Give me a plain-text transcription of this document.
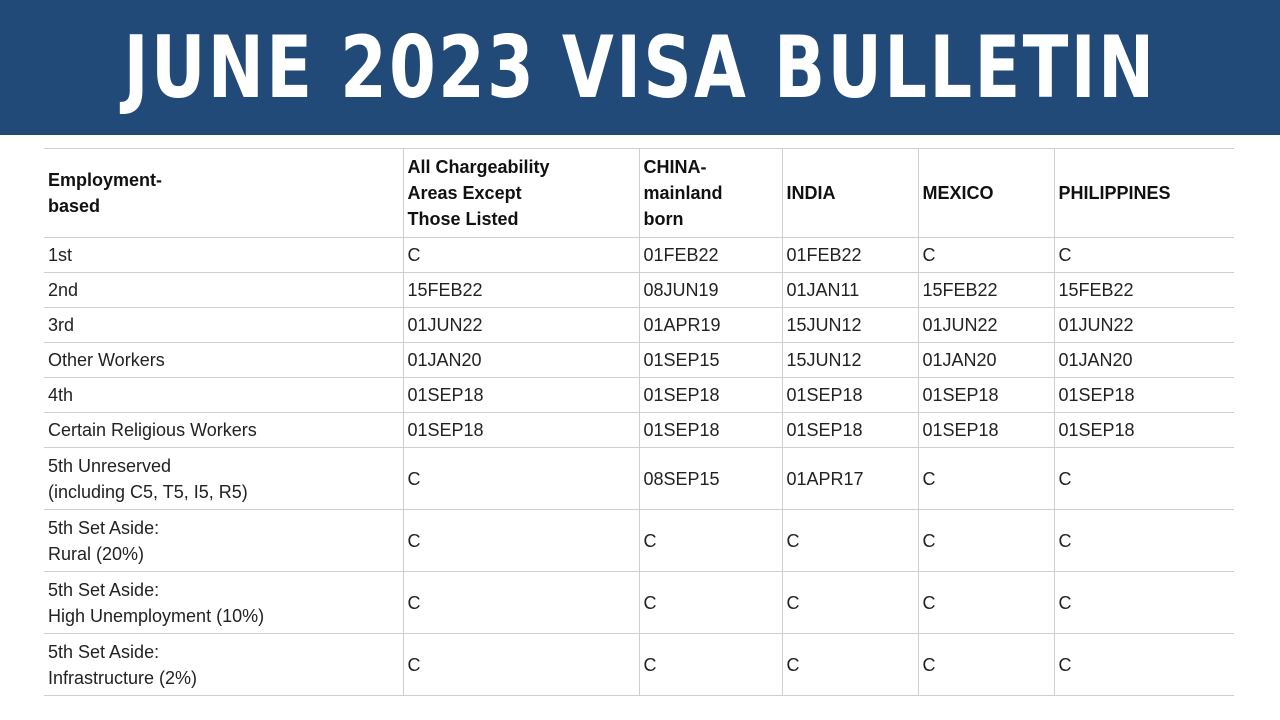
JUNE 2023 VISA BULLETIN
Employment-
based	All Chargeability
Areas Except
Those Listed	CHINA-
mainland
born	INDIA	MEXICO	PHILIPPINES

1st	C	01FEB22	01FEB22	C	C

2nd	15FEB22	08JUN19	01JAN11	15FEB22	15FEB22

3rd	01JUN22	01APR19	15JUN12	01JUN22	01JUN22

Other Workers	01JAN20	01SEP15	15JUN12	01JAN20	01JAN20

4th	01SEP18	01SEP18	01SEP18	01SEP18	01SEP18

Certain Religious Workers	01SEP18	01SEP18	01SEP18	01SEP18	01SEP18

5th Unreserved
(including C5, T5, I5, R5)	C	08SEP15	01APR17	C	C

5th Set Aside:
Rural (20%)	C	C	C	C	C

5th Set Aside:
High Unemployment (10%)	C	C	C	C	C

5th Set Aside:
Infrastructure (2%)	C	C	C	C	C
